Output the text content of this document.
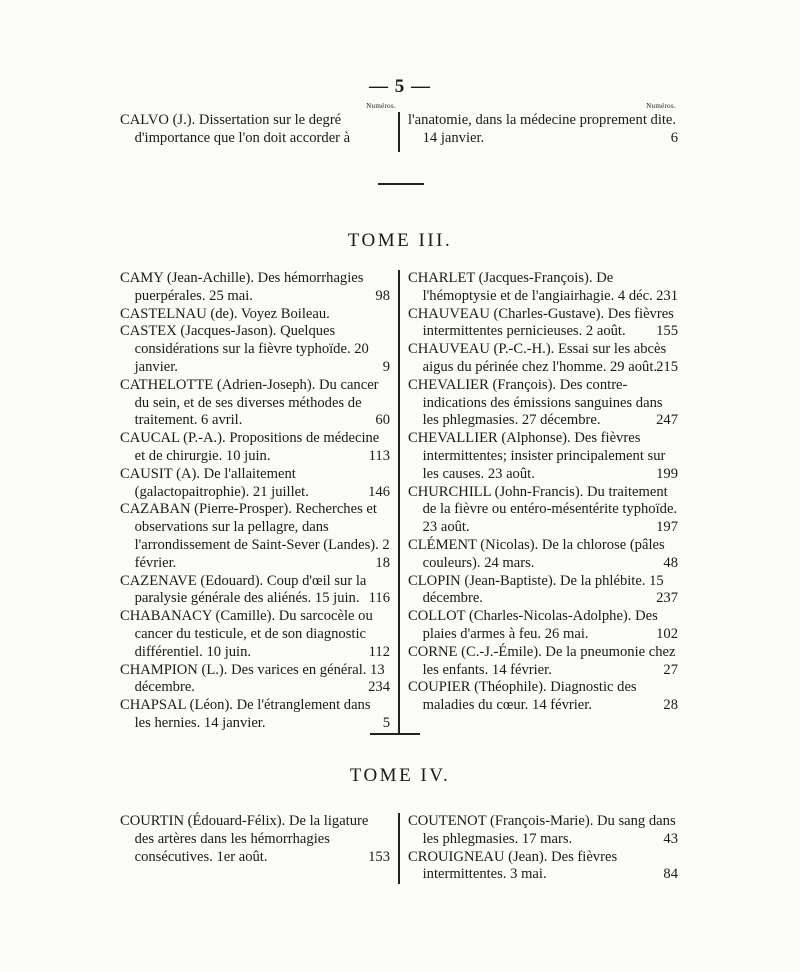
— 5 —
Numéros.
CALVO (J.). Dissertation sur le degré d'importance que l'on doit accorder à
Numéros.
l'anatomie, dans la médecine proprement dite. 14 janvier.	6
TOME III.
CAMY (Jean-Achille). Des hémorrhagies puerpérales. 25 mai.	98
CASTELNAU (de). Voyez Boileau.
CASTEX (Jacques-Jason). Quelques considérations sur la fièvre typhoïde. 20 janvier.	9
CATHELOTTE (Adrien-Joseph). Du cancer du sein, et de ses diverses méthodes de traitement. 6 avril.	60
CAUCAL (P.-A.). Propositions de médecine et de chirurgie. 10 juin.	113
CAUSIT (A). De l'allaitement (galactopaitrophie). 21 juillet.	146
CAZABAN (Pierre-Prosper). Recherches et observations sur la pellagre, dans l'arrondissement de Saint-Sever (Landes). 2 février.	18
CAZENAVE (Edouard). Coup d'œil sur la paralysie générale des aliénés. 15 juin. 116
CHABANACY (Camille). Du sarcocèle ou cancer du testicule, et de son diagnostic différentiel. 10 juin.	112
CHAMPION (L.). Des varices en général. 13 décembre.	234
CHAPSAL (Léon). De l'étranglement dans les hernies. 14 janvier.	5
CHARLET (Jacques-François). De l'hémoptysie et de l'angiairhagie. 4 déc. 231
CHAUVEAU (Charles-Gustave). Des fièvres intermittentes pernicieuses. 2 août. 155
CHAUVEAU (P.-C.-H.). Essai sur les abcès aigus du périnée chez l'homme. 29 août. 215
CHEVALIER (François). Des contre-indications des émissions sanguines dans les phlegmasies. 27 décembre.	247
CHEVALLIER (Alphonse). Des fièvres intermittentes; insister principalement sur les causes. 23 août.	199
CHURCHILL (John-Francis). Du traitement de la fièvre ou entéro-mésentérite typhoïde. 23 août.	197
CLÉMENT (Nicolas). De la chlorose (pâles couleurs). 24 mars.	48
CLOPIN (Jean-Baptiste). De la phlébite. 15 décembre.	237
COLLOT (Charles-Nicolas-Adolphe). Des plaies d'armes à feu. 26 mai.	102
CORNE (C.-J.-Émile). De la pneumonie chez les enfants. 14 février.	27
COUPIER (Théophile). Diagnostic des maladies du cœur. 14 février.	28
TOME IV.
COURTIN (Édouard-Félix). De la ligature des artères dans les hémorrhagies consécutives. 1er août.	153
COUTENOT (François-Marie). Du sang dans les phlegmasies. 17 mars.	43
CROUIGNEAU (Jean). Des fièvres intermittentes. 3 mai.	84
